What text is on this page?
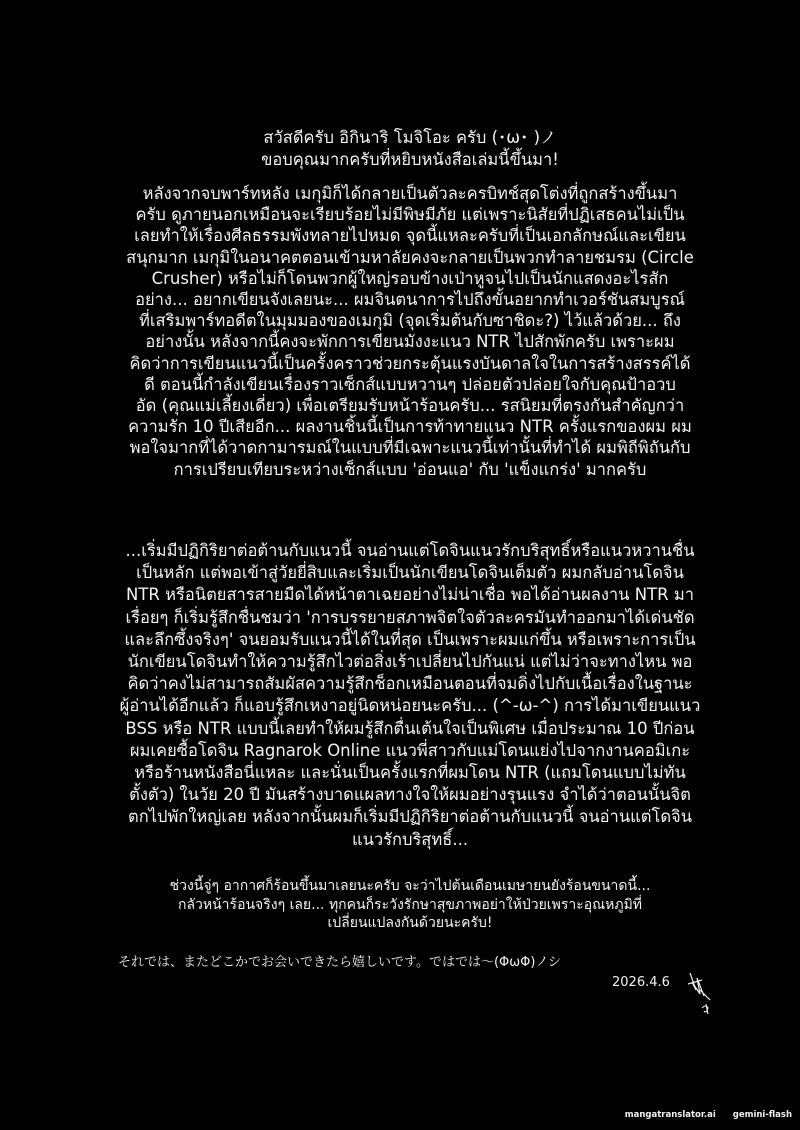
สวัสดีครับ อิกินาริ โมจิโอะ ครับ (･ω･ )ノ
ขอบคุณมากครับที่หยิบหนังสือเล่มนี้ขึ้นมา!
หลังจากจบพาร์ทหลัง เมกุมิก็ได้กลายเป็นตัวละครบิทช์สุดโต่งที่ถูกสร้างขึ้นมา
ครับ ดูภายนอกเหมือนจะเรียบร้อยไม่มีพิษมีภัย แต่เพราะนิสัยที่ปฏิเสธคนไม่เป็น
เลยทำให้เรื่องศีลธรรมพังทลายไปหมด จุดนี้แหละครับที่เป็นเอกลักษณ์และเขียน
สนุกมาก เมกุมิในอนาคตตอนเข้ามหาลัยคงจะกลายเป็นพวกทำลายชมรม (Circle
Crusher) หรือไม่ก็โดนพวกผู้ใหญ่รอบข้างเป่าหูจนไปเป็นนักแสดงอะไรสัก
อย่าง... อยากเขียนจังเลยนะ... ผมจินตนาการไปถึงขั้นอยากทำเวอร์ชันสมบูรณ์
ที่เสริมพาร์ทอดีตในมุมมองของเมกุมิ (จุดเริ่มต้นกับซาชิดะ?) ไว้แล้วด้วย... ถึง
อย่างนั้น หลังจากนี้คงจะพักการเขียนมังงะแนว NTR ไปสักพักครับ เพราะผม
คิดว่าการเขียนแนวนี้เป็นครั้งคราวช่วยกระตุ้นแรงบันดาลใจในการสร้างสรรค์ได้
ดี ตอนนี้กำลังเขียนเรื่องราวเซ็กส์แบบหวานๆ ปล่อยตัวปล่อยใจกับคุณป้าอวบ
อัด (คุณแม่เลี้ยงเดี่ยว) เพื่อเตรียมรับหน้าร้อนครับ... รสนิยมที่ตรงกันสำคัญกว่า
ความรัก 10 ปีเสียอีก... ผลงานชิ้นนี้เป็นการท้าทายแนว NTR ครั้งแรกของผม ผม
พอใจมากที่ได้วาดกามารมณ์ในแบบที่มีเฉพาะแนวนี้เท่านั้นที่ทำได้ ผมพิถีพิถันกับ
การเปรียบเทียบระหว่างเซ็กส์แบบ 'อ่อนแอ' กับ 'แข็งแกร่ง' มากครับ
...เริ่มมีปฏิกิริยาต่อต้านกับแนวนี้ จนอ่านแต่โดจินแนวรักบริสุทธิ์หรือแนวหวานชื่น
เป็นหลัก แต่พอเข้าสู่วัยยี่สิบและเริ่มเป็นนักเขียนโดจินเต็มตัว ผมกลับอ่านโดจิน
NTR หรือนิตยสารสายมืดได้หน้าตาเฉยอย่างไม่น่าเชื่อ พอได้อ่านผลงาน NTR มา
เรื่อยๆ ก็เริ่มรู้สึกชื่นชมว่า 'การบรรยายสภาพจิตใจตัวละครมันทำออกมาได้เด่นชัด
และลึกซึ้งจริงๆ' จนยอมรับแนวนี้ได้ในที่สุด เป็นเพราะผมแก่ขึ้น หรือเพราะการเป็น
นักเขียนโดจินทำให้ความรู้สึกไวต่อสิ่งเร้าเปลี่ยนไปกันแน่ แต่ไม่ว่าจะทางไหน พอ
คิดว่าคงไม่สามารถสัมผัสความรู้สึกช็อกเหมือนตอนที่จมดิ่งไปกับเนื้อเรื่องในฐานะ
ผู้อ่านได้อีกแล้ว ก็แอบรู้สึกเหงาอยู่นิดหน่อยนะครับ... (^-ω-^) การได้มาเขียนแนว
BSS หรือ NTR แบบนี้เลยทำให้ผมรู้สึกตื่นเต้นใจเป็นพิเศษ เมื่อประมาณ 10 ปีก่อน
ผมเคยซื้อโดจิน Ragnarok Online แนวพี่สาวกับแม่โดนแย่งไปจากงานคอมิเกะ
หรือร้านหนังสือนี่แหละ และนั่นเป็นครั้งแรกที่ผมโดน NTR (แถมโดนแบบไม่ทัน
ตั้งตัว) ในวัย 20 ปี มันสร้างบาดแผลทางใจให้ผมอย่างรุนแรง จำได้ว่าตอนนั้นจิต
ตกไปพักใหญ่เลย หลังจากนั้นผมก็เริ่มมีปฏิกิริยาต่อต้านกับแนวนี้ จนอ่านแต่โดจิน
แนวรักบริสุทธิ์...
ช่วงนี้จู่ๆ อากาศก็ร้อนขึ้นมาเลยนะครับ จะว่าไปต้นเดือนเมษายนยังร้อนขนาดนี้...
กลัวหน้าร้อนจริงๆ เลย... ทุกคนก็ระวังรักษาสุขภาพอย่าให้ป่วยเพราะอุณหภูมิที่
เปลี่ยนแปลงกันด้วยนะครับ!
それでは、またどこかでお会いできたら嬉しいです。ではでは～(ΦωΦ)ノシ
2026.4.6
mangatranslator.ai gemini-flash
